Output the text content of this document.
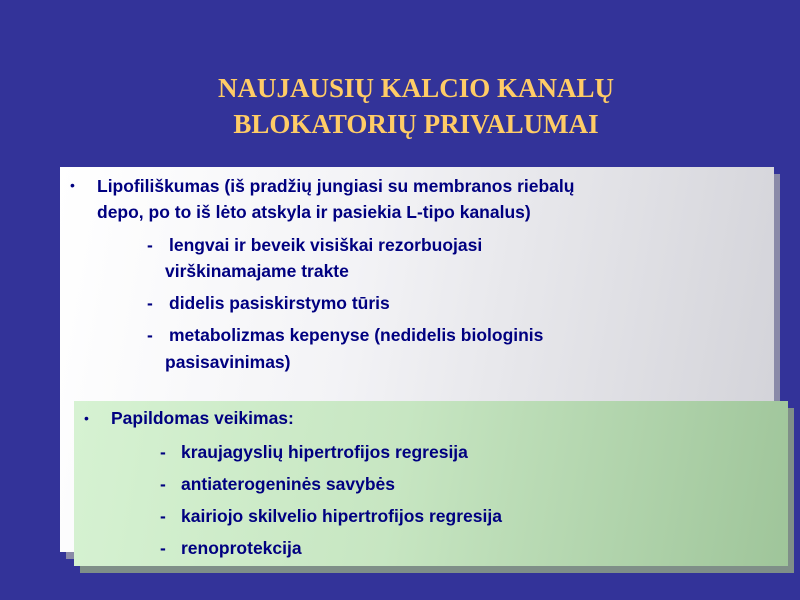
NAUJAUSIŲ KALCIO KANALŲ
BLOKATORIŲ PRIVALUMAI
• Lipofiliškumas (iš pradžių jungiasi su membranos riebalų
depo, po to iš lėto atskyla ir pasiekia L-tipo kanalus)
- lengvai ir beveik visiškai rezorbuojasi
virškinamajame trakte
- didelis pasiskirstymo tūris
- metabolizmas kepenyse (nedidelis biologinis
pasisavinimas)
• Papildomas veikimas:
- kraujagyslių hipertrofijos regresija
- antiaterogeninės savybės
- kairiojo skilvelio hipertrofijos regresija
- renoprotekcija
